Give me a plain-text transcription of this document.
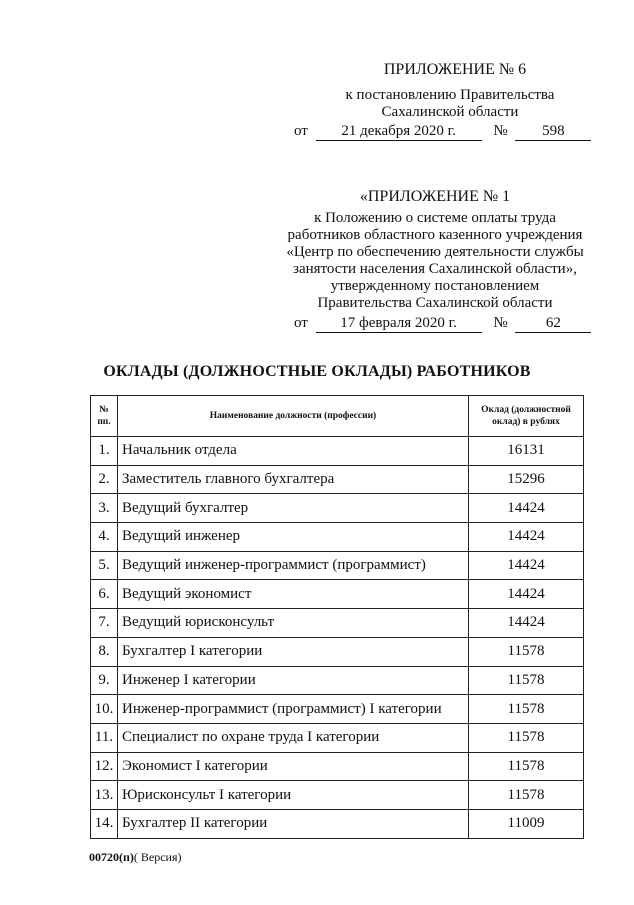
ПРИЛОЖЕНИЕ № 6
к постановлению Правительства
Сахалинской области
от 21 декабря 2020 г.	№ 598
«ПРИЛОЖЕНИЕ № 1
к Положению о системе оплаты труда
работников областного казенного учреждения
«Центр по обеспечению деятельности службы
занятости населения Сахалинской области»,
утвержденному постановлением
Правительства Сахалинской области
от 17 февраля 2020 г. №	62
ОКЛАДЫ (ДОЛЖНОСТНЫЕ ОКЛАДЫ) РАБОТНИКОВ
№ пп.	Наименование должности (профессии)	Оклад (должностной оклад) в рублях
1.	Начальник отдела	16131
2.	Заместитель главного бухгалтера	15296
3.	Ведущий бухгалтер	14424
4.	Ведущий инженер	14424
5.	Ведущий инженер-программист (программист)	14424
6.	Ведущий экономист	14424
7.	Ведущий юрисконсульт	14424
8.	Бухгалтер I категории	11578
9.	Инженер I категории	11578
10.	Инженер-программист (программист) I категории	11578
11.	Специалист по охране труда I категории	11578
12.	Экономист I категории	11578
13.	Юрисконсульт I категории	11578
14.	Бухгалтер II категории	11009
00720(п)( Версия)
